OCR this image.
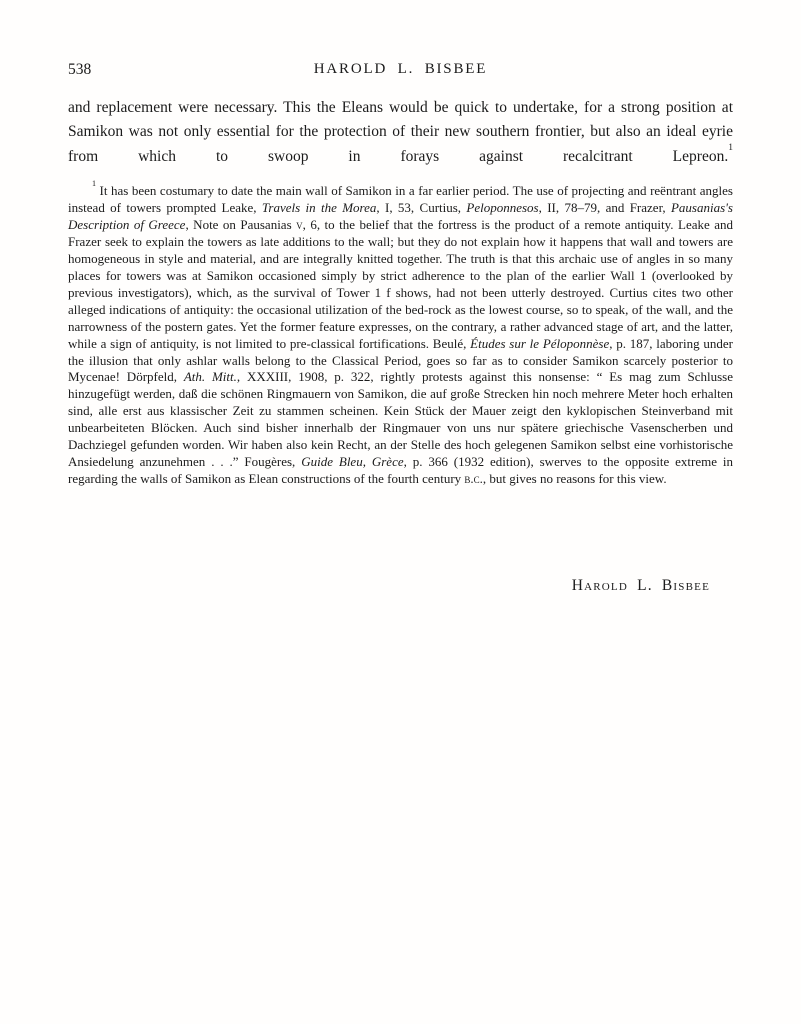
538	HAROLD L. BISBEE

and replacement were necessary. This the Eleans would be quick to undertake, for a strong position at Samikon was not only essential for the protection of their new southern frontier, but also an ideal eyrie from which to swoop in forays against recalcitrant Lepreon.$^1$

$^1$ It has been costumary to date the main wall of Samikon in a far earlier period. The use of projecting and reëntrant angles instead of towers prompted Leake, Travels in the Morea, I, 53, Curtius, Peloponnesos, II, 78–79, and Frazer, Pausanias's Description of Greece, Note on Pausanias v, 6, to the belief that the fortress is the product of a remote antiquity. Leake and Frazer seek to explain the towers as late additions to the wall; but they do not explain how it happens that wall and towers are homogeneous in style and material, and are integrally knitted together. The truth is that this archaic use of angles in so many places for towers was at Samikon occasioned simply by strict adherence to the plan of the earlier Wall 1 (overlooked by previous investigators), which, as the survival of Tower 1 f shows, had not been utterly destroyed. Curtius cites two other alleged indications of antiquity: the occasional utilization of the bed-rock as the lowest course, so to speak, of the wall, and the narrowness of the postern gates. Yet the former feature expresses, on the contrary, a rather advanced stage of art, and the latter, while a sign of antiquity, is not limited to pre-classical fortifications. Beulé, Études sur le Péloponnèse, p. 187, laboring under the illusion that only ashlar walls belong to the Classical Period, goes so far as to consider Samikon scarcely posterior to Mycenae! Dörpfeld, Ath. Mitt., XXXIII, 1908, p. 322, rightly protests against this nonsense: “ Es mag zum Schlusse hinzugefügt werden, daß die schönen Ringmauern von Samikon, die auf große Strecken hin noch mehrere Meter hoch erhalten sind, alle erst aus klassischer Zeit zu stammen scheinen. Kein Stück der Mauer zeigt den kyklopischen Steinverband mit unbearbeiteten Blöcken. Auch sind bisher innerhalb der Ringmauer von uns nur spätere griechische Vasenscherben und Dachziegel gefunden worden. Wir haben also kein Recht, an der Stelle des hoch gelegenen Samikon selbst eine vorhistorische Ansiedelung anzunehmen . . .” Fougères, Guide Bleu, Grèce, p. 366 (1932 edition), swerves to the opposite extreme in regarding the walls of Samikon as Elean constructions of the fourth century b.c., but gives no reasons for this view.

Harold L. Bisbee
